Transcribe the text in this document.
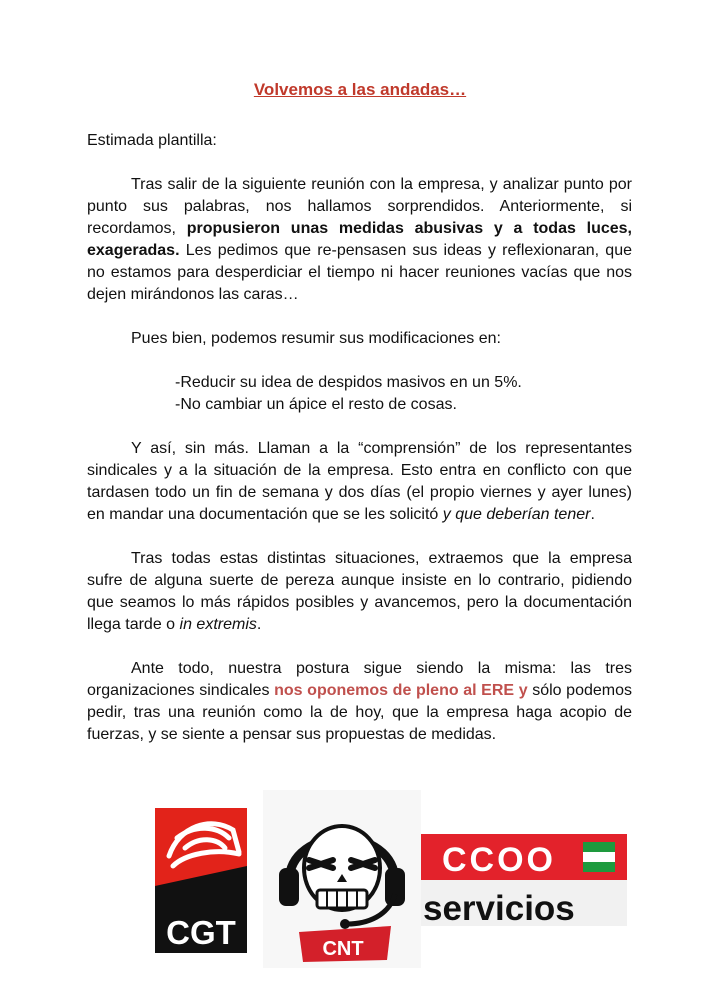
Volvemos a las andadas…

Estimada plantilla:

Tras salir de la siguiente reunión con la empresa, y analizar punto por punto sus palabras, nos hallamos sorprendidos. Anteriormente, si recordamos, propusieron unas medidas abusivas y a todas luces, exageradas. Les pedimos que re-pensasen sus ideas y reflexionaran, que no estamos para desperdiciar el tiempo ni hacer reuniones vacías que nos dejen mirándonos las caras…

Pues bien, podemos resumir sus modificaciones en:

-Reducir su idea de despidos masivos en un 5%.

-No cambiar un ápice el resto de cosas.

Y así, sin más. Llaman a la “comprensión” de los representantes sindicales y a la situación de la empresa. Esto entra en conflicto con que tardasen todo un fin de semana y dos días (el propio viernes y ayer lunes) en mandar una documentación que se les solicitó y que deberían tener.

Tras todas estas distintas situaciones, extraemos que la empresa sufre de alguna suerte de pereza aunque insiste en lo contrario, pidiendo que seamos lo más rápidos posibles y avancemos, pero la documentación llega tarde o in extremis.

Ante todo, nuestra postura sigue siendo la misma: las tres organizaciones sindicales nos oponemos de pleno al ERE y sólo podemos pedir, tras una reunión como la de hoy, que la empresa haga acopio de fuerzas, y se siente a pensar sus propuestas de medidas.

CGT	CNT
CCOO
servicios
